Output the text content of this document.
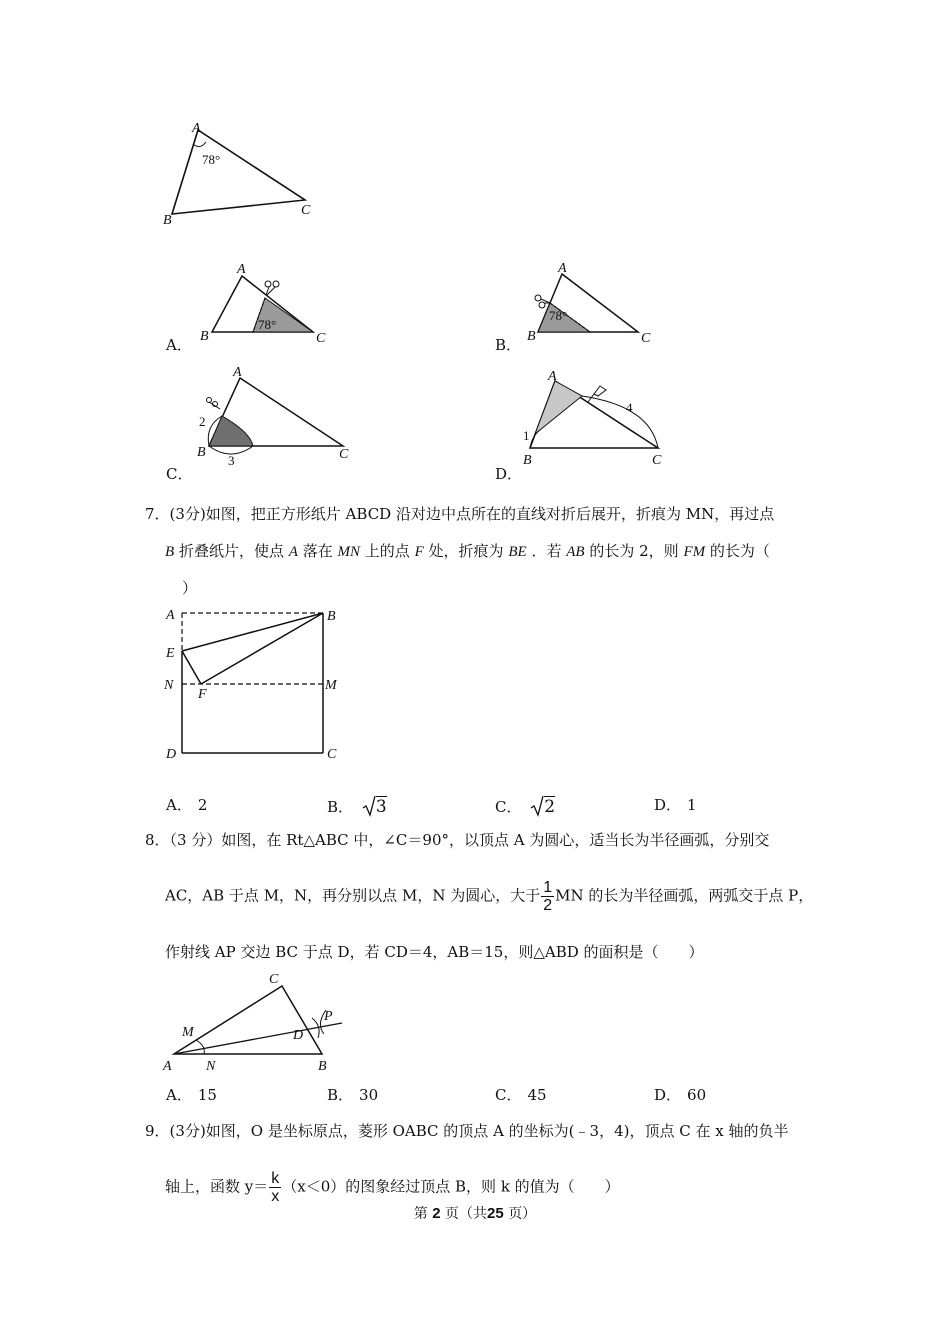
A
B
C
78°
A．
A
B	C
78°
B．
A
B	C
78°
C．
A
B	C
2
3
D．
A
B	C
1
4
7．(3分)如图，把正方形纸片 ABCD 沿对边中点所在的直线对折后展开，折痕为 MN，再过点
B 折叠纸片，使点 A 落在 MN 上的点 F 处，折痕为 BE ．若 AB 的长为 2，则 FM 的长为（
）
A	B
E
N
F
M
D	C
A． 2	B． 3	C． 2	D． 1
8．（3 分）如图，在 Rt△ABC 中，∠C＝90°，以顶点 A 为圆心，适当长为半径画弧，分别交
AC，AB 于点 M，N，再分别以点 M，N 为圆心，大于 $\frac{1}{2}$ MN 的长为半径画弧，两弧交于点 P，
作射线 AP 交边 BC 于点 D，若 CD＝4，AB＝15，则△ABD 的面积是（　　）
C
M	D
P
A N	B
A． 15	B． 30	C． 45	D． 60
9．(3分)如图，O 是坐标原点，菱形 OABC 的顶点 A 的坐标为(﹣3，4)，顶点 C 在 x 轴的负半
轴上，函数 $y= \frac{k}{x} (x<0)$的图象经过顶点 B，则 k 的值为（　　）
第 2 页（共25 页）
